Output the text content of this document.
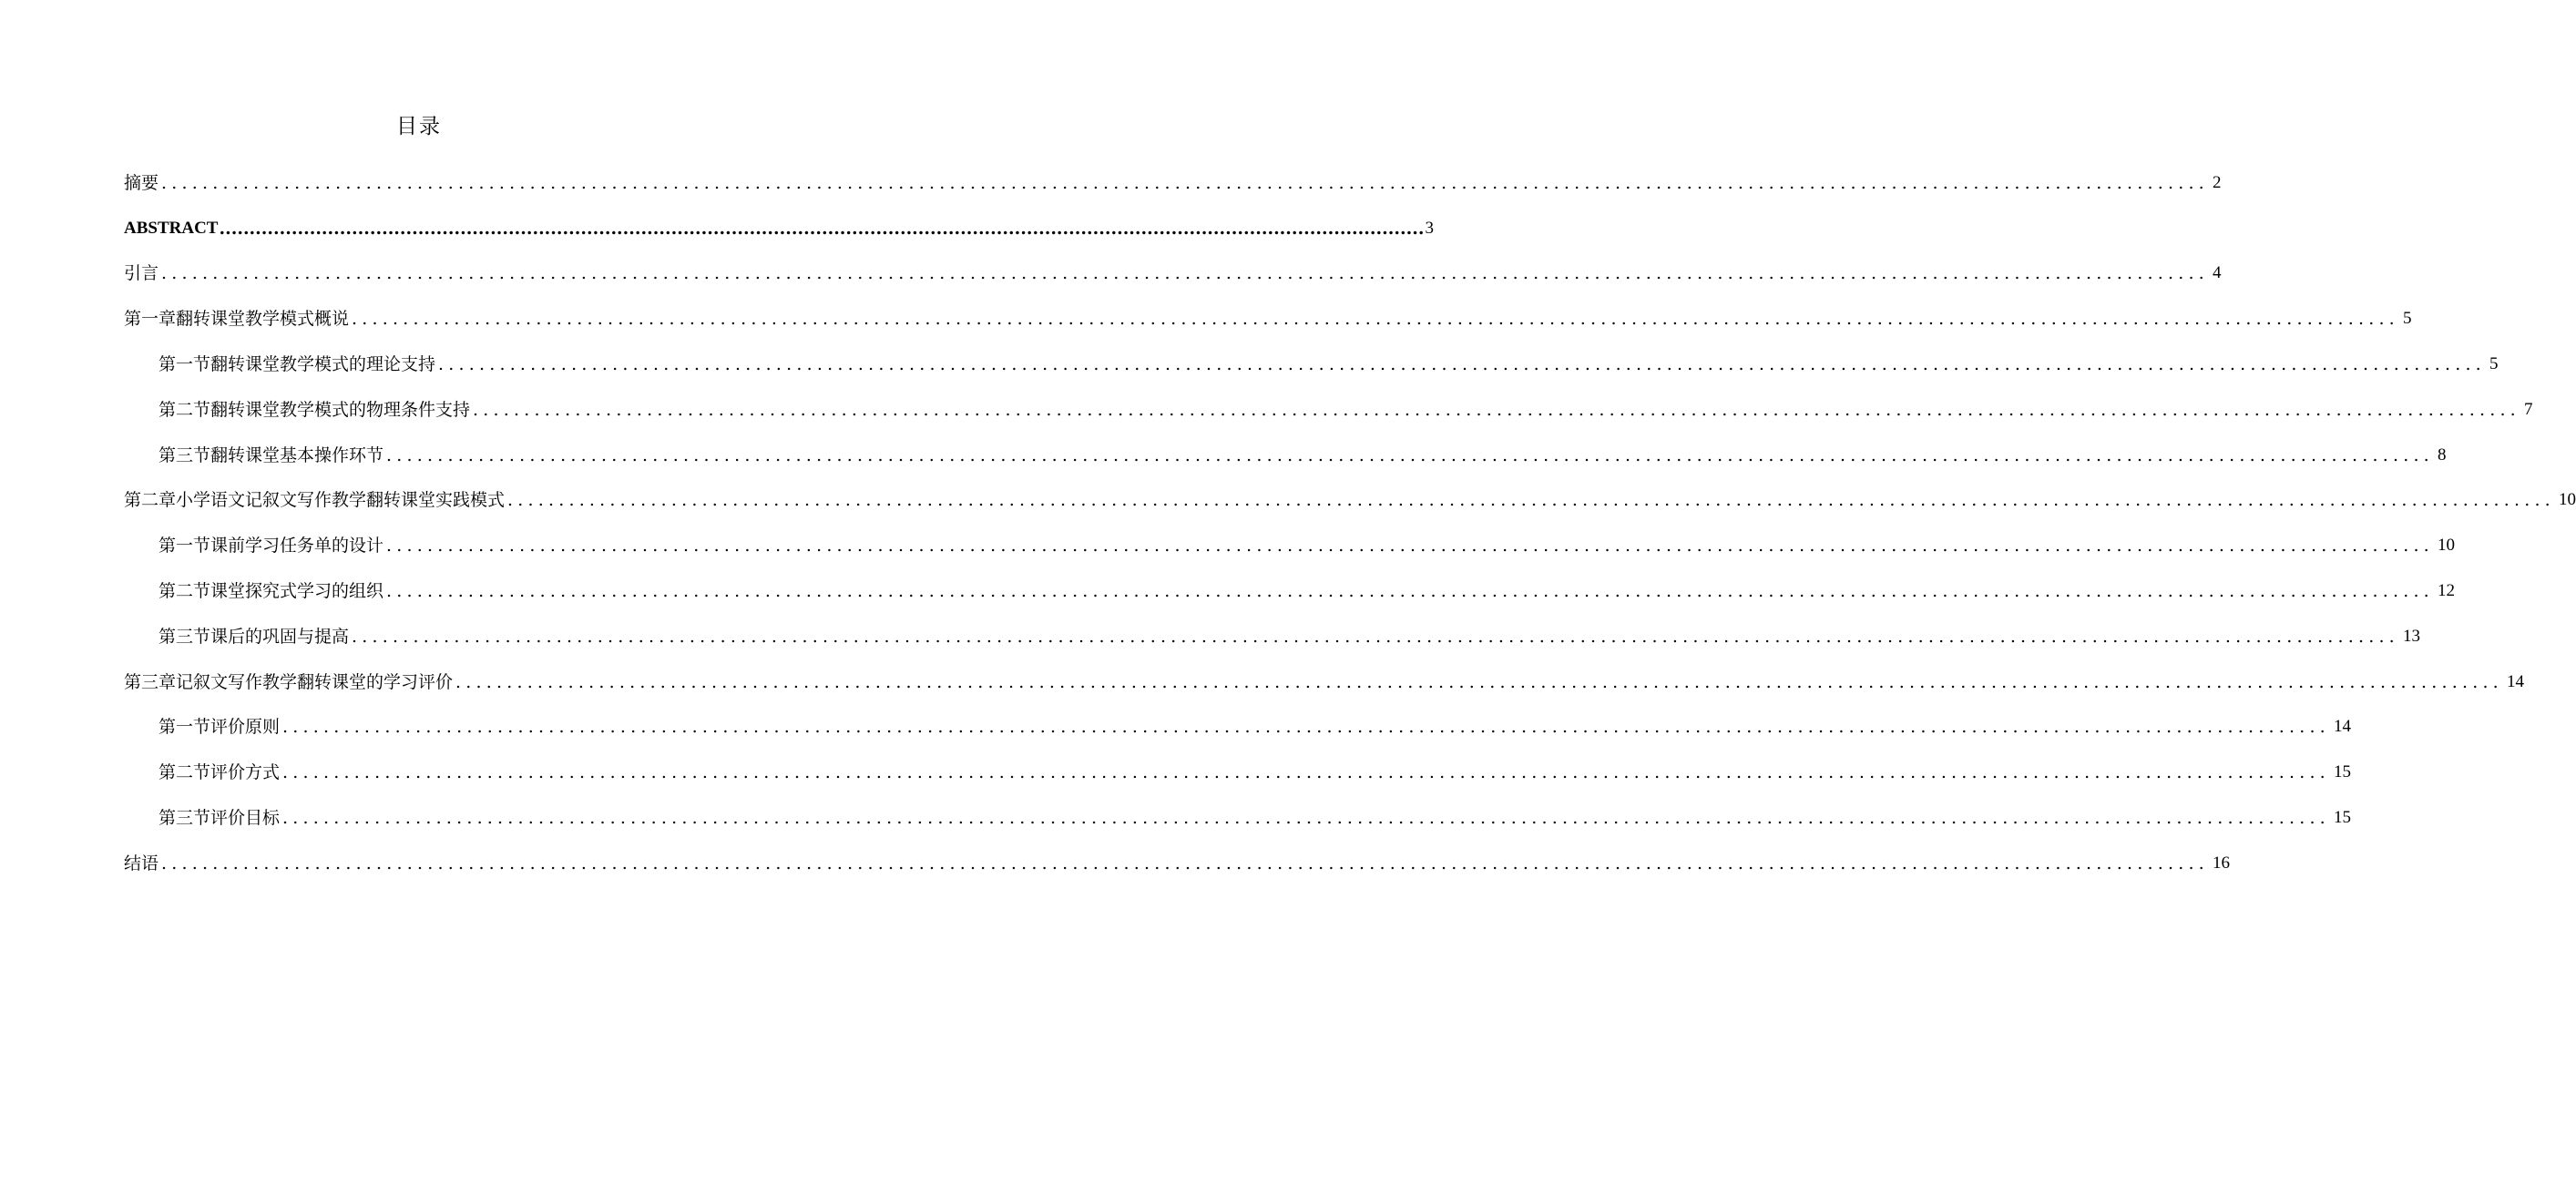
目录
摘要 ........................................................................................................................................................................................................ 2
ABSTRACT ........................................................................................................................................................................................................ 3
引言 ........................................................................................................................................................................................................ 4
第一章翻转课堂教学模式概说 ........................................................................................................................................................................................................ 5
第一节翻转课堂教学模式的理论支持 ........................................................................................................................................................................................................ 5
第二节翻转课堂教学模式的物理条件支持 ........................................................................................................................................................................................................ 7
第三节翻转课堂基本操作环节 ........................................................................................................................................................................................................ 8
第二章小学语文记叙文写作教学翻转课堂实践模式 ........................................................................................................................................................................................................ 10
第一节课前学习任务单的设计 ........................................................................................................................................................................................................ 10
第二节课堂探究式学习的组织 ........................................................................................................................................................................................................ 12
第三节课后的巩固与提高 ........................................................................................................................................................................................................ 13
第三章记叙文写作教学翻转课堂的学习评价 ........................................................................................................................................................................................................ 14
第一节评价原则 ........................................................................................................................................................................................................ 14
第二节评价方式 ........................................................................................................................................................................................................ 15
第三节评价目标 ........................................................................................................................................................................................................ 15
结语 ........................................................................................................................................................................................................ 16
